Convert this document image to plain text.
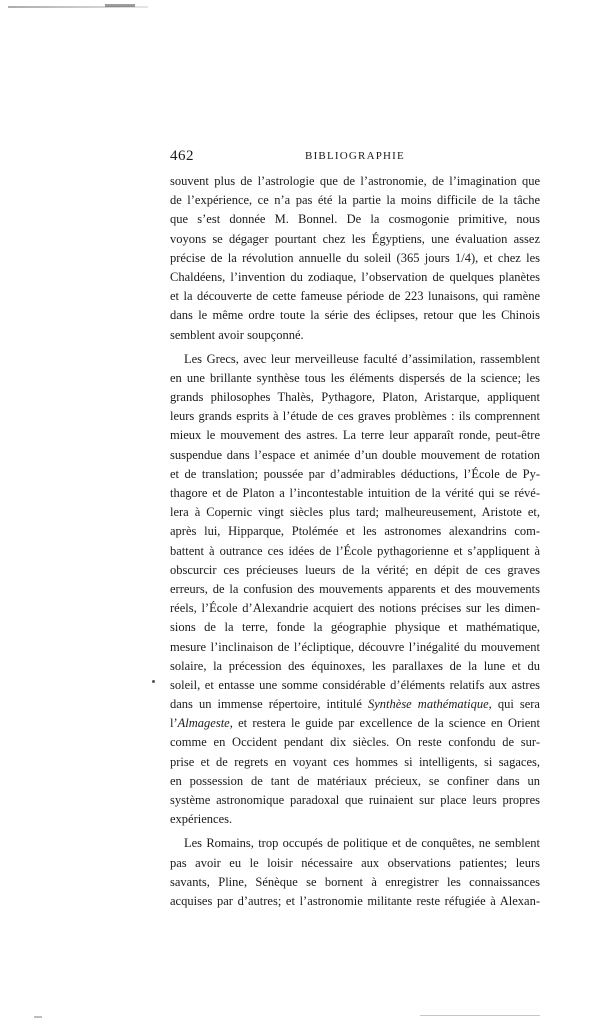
462	BIBLIOGRAPHIE
souvent plus de l’astrologie que de l’astronomie, de l’imagination que
de l’expérience, ce n’a pas été la partie la moins difficile de la tâche
que s’est donnée M. Bonnel. De la cosmogonie primitive, nous
voyons se dégager pourtant chez les Égyptiens, une évaluation assez
précise de la révolution annuelle du soleil (365 jours 1/4), et chez les
Chaldéens, l’invention du zodiaque, l’observation de quelques planètes
et la découverte de cette fameuse période de 223 lunaisons, qui ramène
dans le même ordre toute la série des éclipses, retour que les Chinois
semblent avoir soupçonné.
Les Grecs, avec leur merveilleuse faculté d’assimilation, rassemblent
en une brillante synthèse tous les éléments dispersés de la science; les
grands philosophes Thalès, Pythagore, Platon, Aristarque, appliquent
leurs grands esprits à l’étude de ces graves problèmes : ils comprennent
mieux le mouvement des astres. La terre leur apparaît ronde, peut-être
suspendue dans l’espace et animée d’un double mouvement de rotation
et de translation; poussée par d’admirables déductions, l’École de Py-
thagore et de Platon a l’incontestable intuition de la vérité qui se révé-
lera à Copernic vingt siècles plus tard; malheureusement, Aristote et,
après lui, Hipparque, Ptolémée et les astronomes alexandrins com-
battent à outrance ces idées de l’École pythagorienne et s’appliquent à
obscurcir ces précieuses lueurs de la vérité; en dépit de ces graves
erreurs, de la confusion des mouvements apparents et des mouvements
réels, l’École d’Alexandrie acquiert des notions précises sur les dimen-
sions de la terre, fonde la géographie physique et mathématique,
mesure l’inclinaison de l’écliptique, découvre l’inégalité du mouvement
solaire, la précession des équinoxes, les parallaxes de la lune et du
soleil, et entasse une somme considérable d’éléments relatifs aux astres
dans un immense répertoire, intitulé Synthèse mathématique, qui sera
l’Almageste, et restera le guide par excellence de la science en Orient
comme en Occident pendant dix siècles. On reste confondu de sur-
prise et de regrets en voyant ces hommes si intelligents, si sagaces,
en possession de tant de matériaux précieux, se confiner dans un
système astronomique paradoxal que ruinaient sur place leurs propres
expériences.
Les Romains, trop occupés de politique et de conquêtes, ne semblent
pas avoir eu le loisir nécessaire aux observations patientes; leurs
savants, Pline, Sénèque se bornent à enregistrer les connaissances
acquises par d’autres; et l’astronomie militante reste réfugiée à Alexan-
